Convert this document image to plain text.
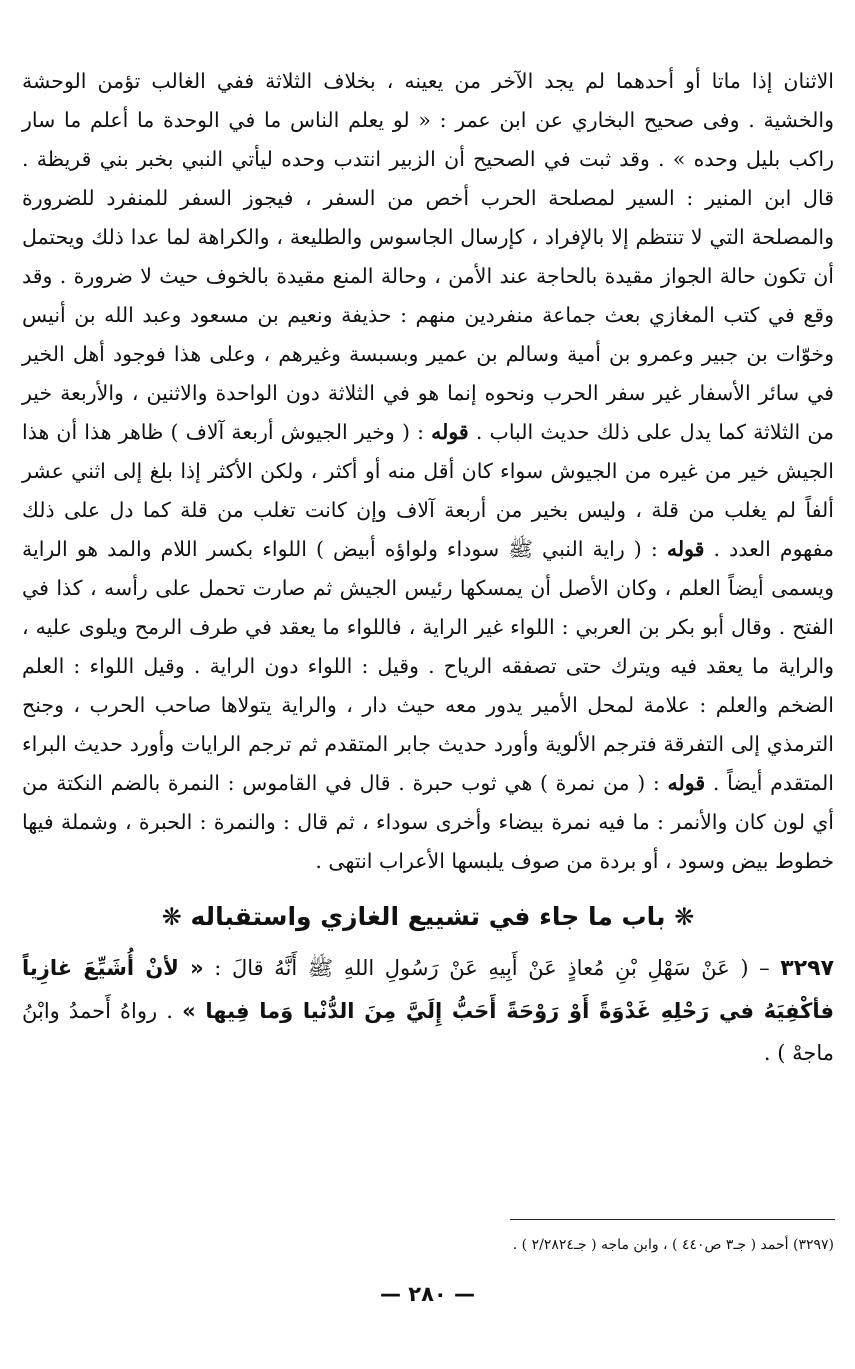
الاثنان إذا ماتا أو أحدهما لم يجد الآخر من يعينه ، بخلاف الثلاثة ففي الغالب تؤمن الوحشة والخشية . وفى صحيح البخاري عن ابن عمر : « لو يعلم الناس ما في الوحدة ما أعلم ما سار راكب بليل وحده » . وقد ثبت في الصحيح أن الزبير انتدب وحده ليأتي النبي بخبر بني قريظة . قال ابن المنير : السير لمصلحة الحرب أخص من السفر ، فيجوز السفر للمنفرد للضرورة والمصلحة التي لا تنتظم إلا بالإفراد ، كإرسال الجاسوس والطليعة ، والكراهة لما عدا ذلك ويحتمل أن تكون حالة الجواز مقيدة بالحاجة عند الأمن ، وحالة المنع مقيدة بالخوف حيث لا ضرورة . وقد وقع في كتب المغازي بعث جماعة منفردين منهم : حذيفة ونعيم بن مسعود وعبد الله بن أنيس وخوّات بن جبير وعمرو بن أمية وسالم بن عمير وبسبسة وغيرهم ، وعلى هذا فوجود أهل الخير في سائر الأسفار غير سفر الحرب ونحوه إنما هو في الثلاثة دون الواحدة والاثنين ، والأربعة خير من الثلاثة كما يدل على ذلك حديث الباب . قوله : ( وخير الجيوش أربعة آلاف ) ظاهر هذا أن هذا الجيش خير من غيره من الجيوش سواء كان أقل منه أو أكثر ، ولكن الأكثر إذا بلغ إلى اثني عشر ألفاً لم يغلب من قلة ، وليس بخير من أربعة آلاف وإن كانت تغلب من قلة كما دل على ذلك مفهوم العدد . قوله : ( راية النبي ﷺ سوداء ولواؤه أبيض ) اللواء بكسر اللام والمد هو الراية ويسمى أيضاً العلم ، وكان الأصل أن يمسكها رئيس الجيش ثم صارت تحمل على رأسه ، كذا في الفتح . وقال أبو بكر بن العربي : اللواء غير الراية ، فاللواء ما يعقد في طرف الرمح ويلوى عليه ، والراية ما يعقد فيه ويترك حتى تصفقه الرياح . وقيل : اللواء دون الراية . وقيل اللواء : العلم الضخم والعلم : علامة لمحل الأمير يدور معه حيث دار ، والراية يتولاها صاحب الحرب ، وجنح الترمذي إلى التفرقة فترجم الألوية وأورد حديث جابر المتقدم ثم ترجم الرايات وأورد حديث البراء المتقدم أيضاً . قوله : ( من نمرة ) هي ثوب حبرة . قال في القاموس : النمرة بالضم النكتة من أي لون كان والأنمر : ما فيه نمرة بيضاء وأخرى سوداء ، ثم قال : والنمرة : الحبرة ، وشملة فيها خطوط بيض وسود ، أو بردة من صوف يلبسها الأعراب انتهى .

❋ باب ما جاء في تشييع الغازي واستقباله ❋

٣٢٩٧ – ( عَنْ سَهْلِ بْنِ مُعاذٍ عَنْ أَبِيهِ عَنْ رَسُولِ اللهِ ﷺ أَنَّهُ قالَ : « لأنْ أُشَيِّعَ غازِياً فأكْفِيَهُ في رَحْلِهِ غَدْوَةً أَوْ رَوْحَةً أَحَبُّ إِلَيَّ مِنَ الدُّنْيا وَما فِيها » . رواهُ أَحمدُ وابْنُ ماجهْ ) .

(٣٢٩٧) أحمد ( جـ٣ ص٤٤٠ ) ، وابن ماجه ( جـ٢/٢٨٢٤ ) .
— ٢٨٠ —
